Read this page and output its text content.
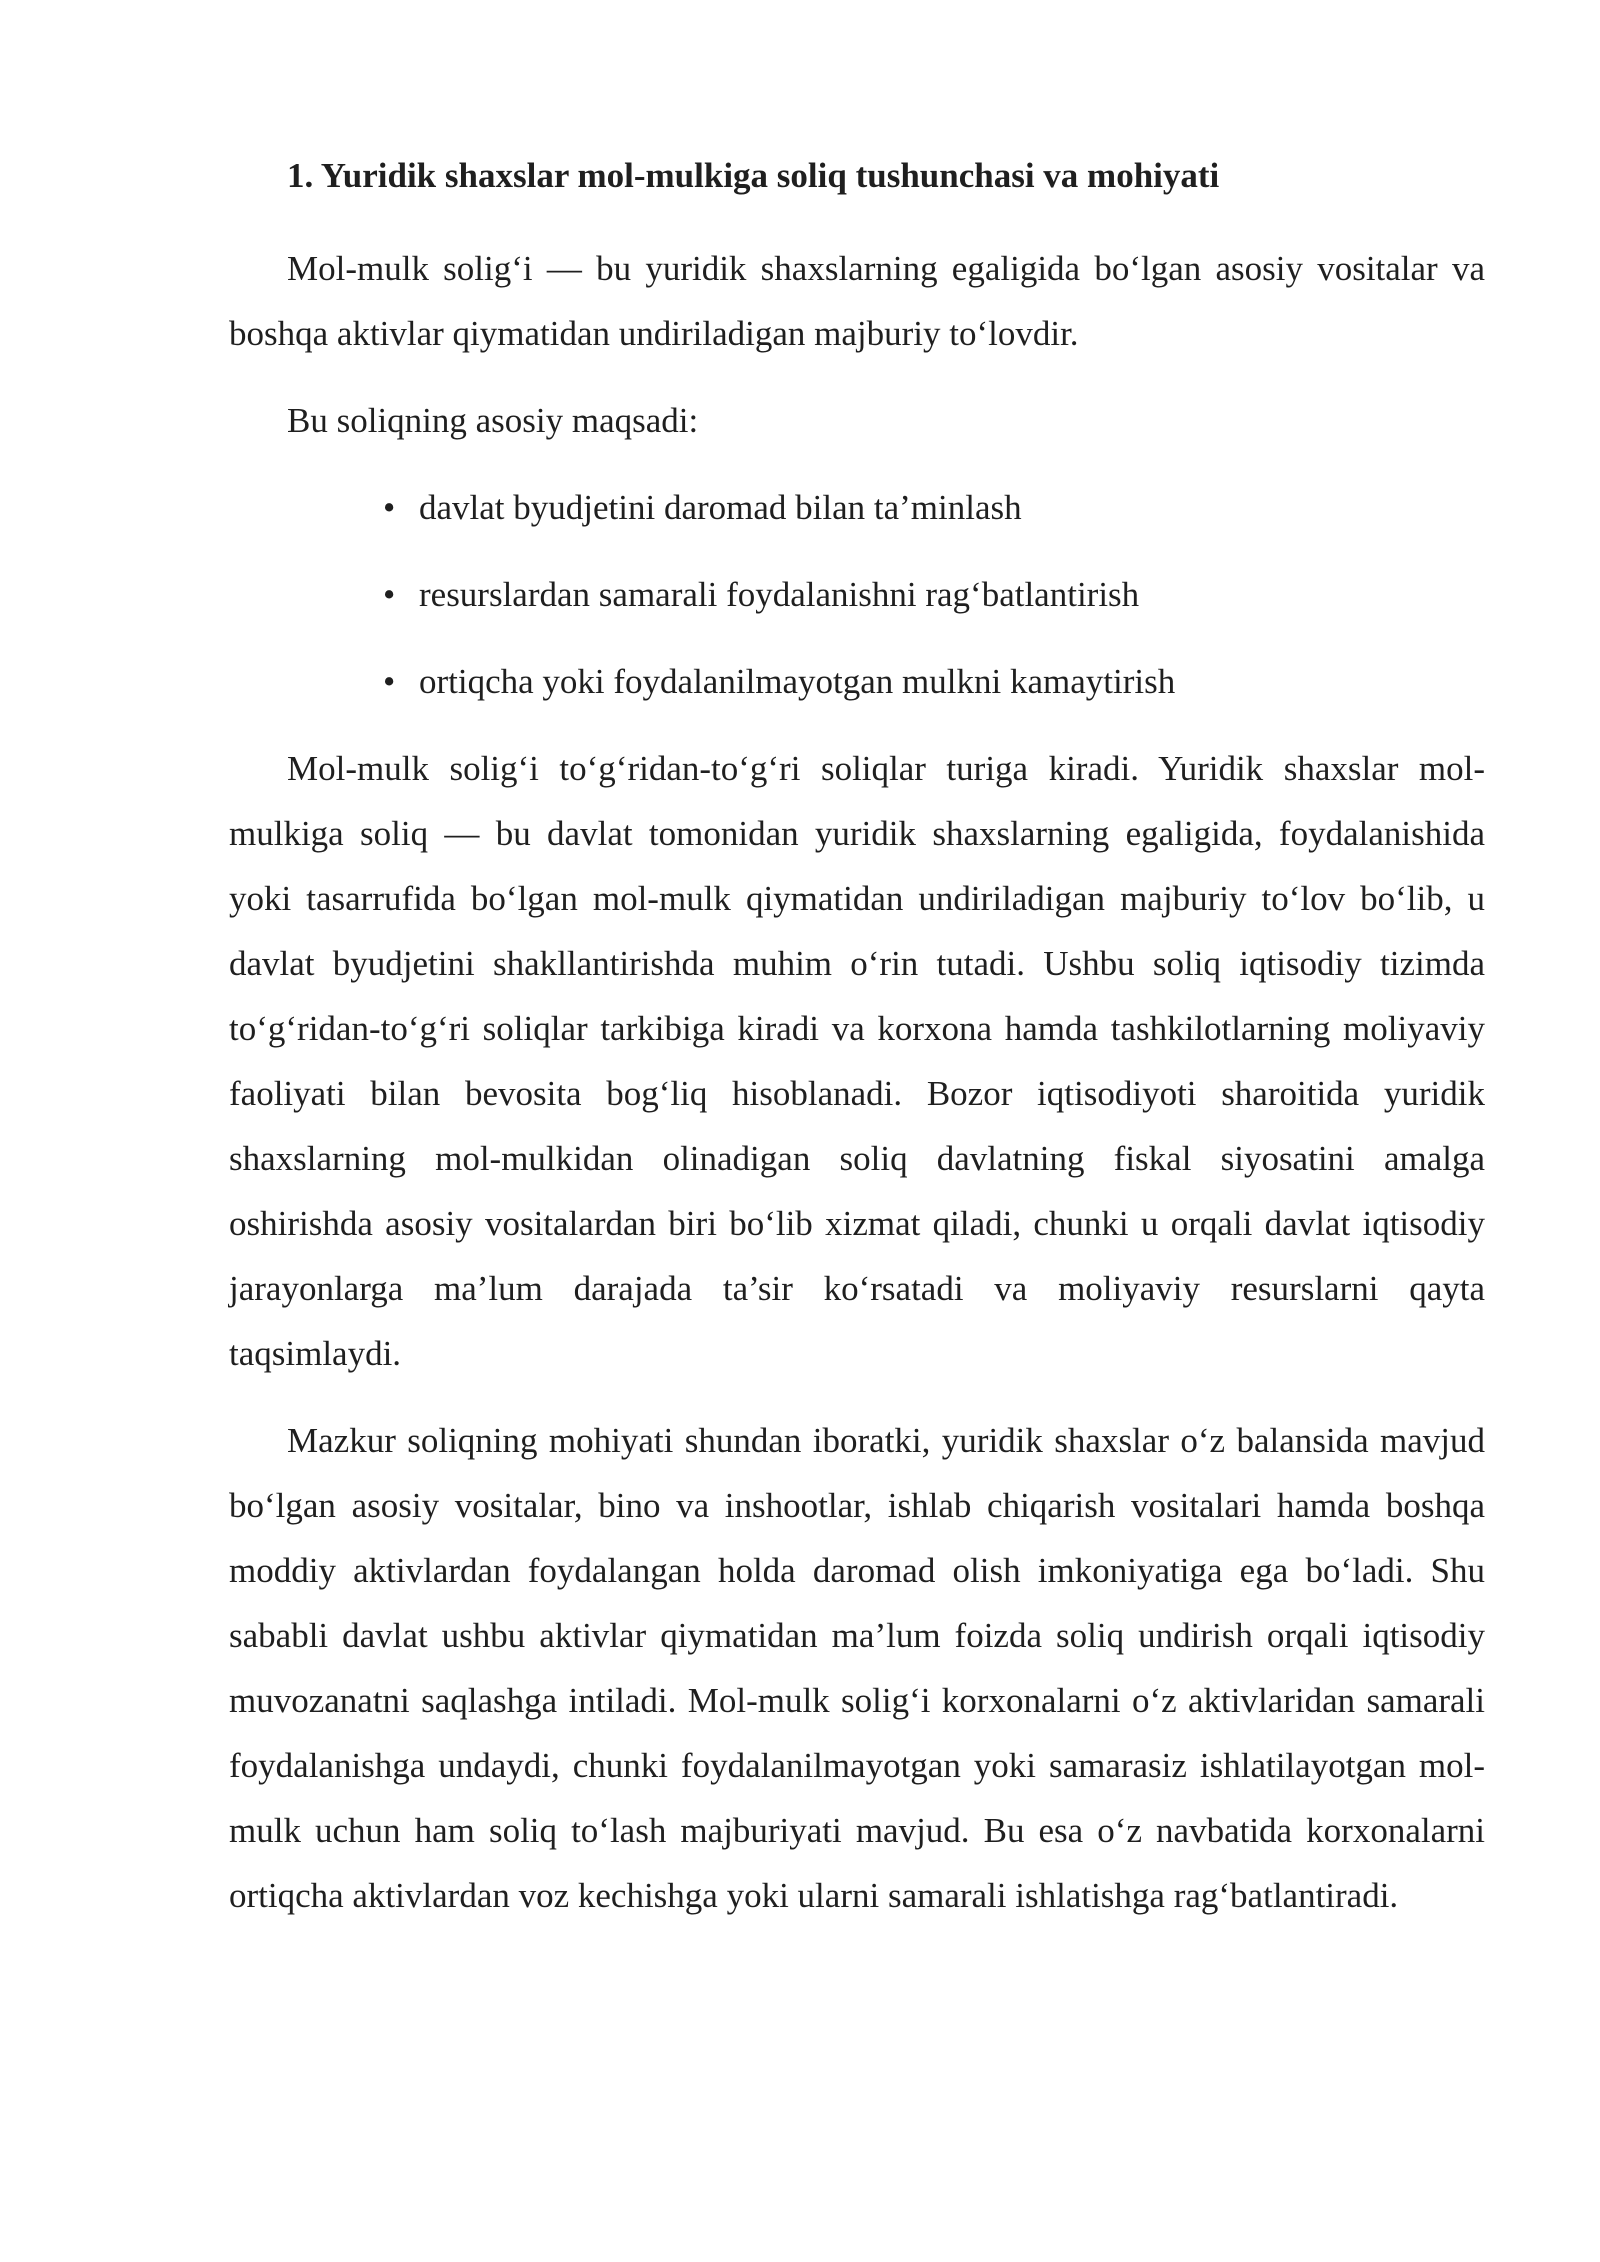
1. Yuridik shaxslar mol-mulkiga soliq tushunchasi va mohiyati

Mol-mulk solig‘i — bu yuridik shaxslarning egaligida bo‘lgan asosiy vositalar va boshqa aktivlar qiymatidan undiriladigan majburiy to‘lovdir.

Bu soliqning asosiy maqsadi:

• davlat byudjetini daromad bilan ta’minlash
• resurslardan samarali foydalanishni rag‘batlantirish
• ortiqcha yoki foydalanilmayotgan mulkni kamaytirish

Mol-mulk solig‘i to‘g‘ridan-to‘g‘ri soliqlar turiga kiradi. Yuridik shaxslar mol-mulkiga soliq — bu davlat tomonidan yuridik shaxslarning egaligida, foydalanishida yoki tasarrufida bo‘lgan mol-mulk qiymatidan undiriladigan majburiy to‘lov bo‘lib, u davlat byudjetini shakllantirishda muhim o‘rin tutadi. Ushbu soliq iqtisodiy tizimda to‘g‘ridan-to‘g‘ri soliqlar tarkibiga kiradi va korxona hamda tashkilotlarning moliyaviy faoliyati bilan bevosita bog‘liq hisoblanadi. Bozor iqtisodiyoti sharoitida yuridik shaxslarning mol-mulkidan olinadigan soliq davlatning fiskal siyosatini amalga oshirishda asosiy vositalardan biri bo‘lib xizmat qiladi, chunki u orqali davlat iqtisodiy jarayonlarga ma’lum darajada ta’sir ko‘rsatadi va moliyaviy resurslarni qayta taqsimlaydi.

Mazkur soliqning mohiyati shundan iboratki, yuridik shaxslar o‘z balansida mavjud bo‘lgan asosiy vositalar, bino va inshootlar, ishlab chiqarish vositalari hamda boshqa moddiy aktivlardan foydalangan holda daromad olish imkoniyatiga ega bo‘ladi. Shu sababli davlat ushbu aktivlar qiymatidan ma’lum foizda soliq undirish orqali iqtisodiy muvozanatni saqlashga intiladi. Mol-mulk solig‘i korxonalarni o‘z aktivlaridan samarali foydalanishga undaydi, chunki foydalanilmayotgan yoki samarasiz ishlatilayotgan mol-mulk uchun ham soliq to‘lash majburiyati mavjud. Bu esa o‘z navbatida korxonalarni ortiqcha aktivlardan voz kechishga yoki ularni samarali ishlatishga rag‘batlantiradi.
